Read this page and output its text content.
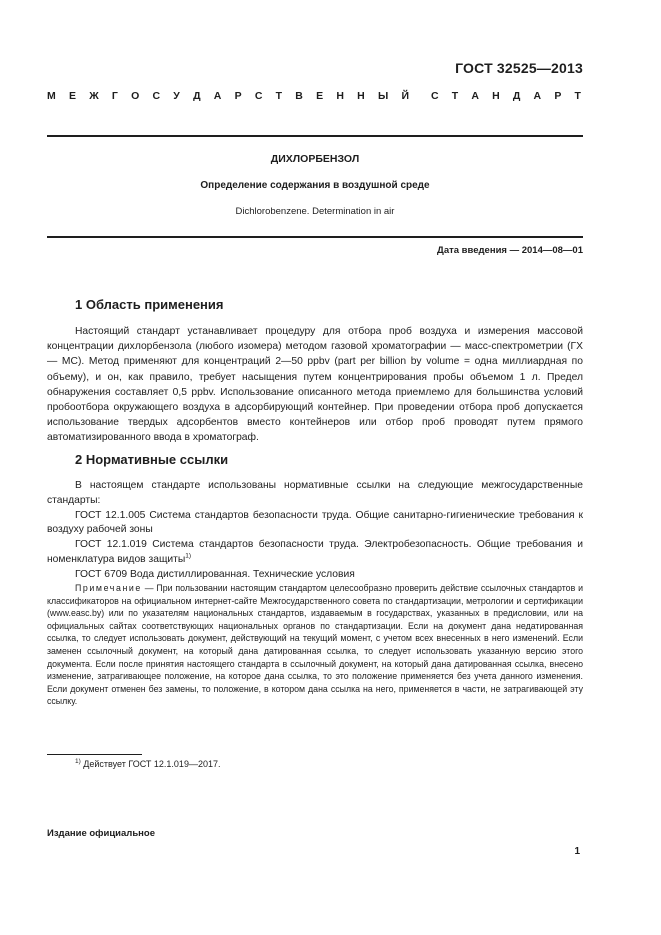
ГОСТ 32525—2013
М Е Ж Г О С У Д А Р С Т В Е Н Н Ы Й С Т А Н Д А Р Т
ДИХЛОРБЕНЗОЛ
Определение содержания в воздушной среде
Dichlorobenzene. Determination in air
Дата введения — 2014—08—01
1 Область применения

Настоящий стандарт устанавливает процедуру для отбора проб воздуха и измерения массовой концентрации дихлорбензола (любого изомера) методом газовой хроматографии — масс-спектрометрии (ГХ — МС). Метод применяют для концентраций 2—50 ppbv (part per billion by volume = одна миллиардная по объему), и он, как правило, требует насыщения путем концентрирования пробы объемом 1 л. Предел обнаружения составляет 0,5 ppbv. Использование описанного метода приемлемо для большинства условий пробоотбора окружающего воздуха в адсорбирующий контейнер. При проведении отбора проб допускается использование твердых адсорбентов вместо контейнеров или отбор проб проводят путем прямого автоматизированного ввода в хроматограф.

2 Нормативные ссылки

В настоящем стандарте использованы нормативные ссылки на следующие межгосударственные стандарты:

ГОСТ 12.1.005 Система стандартов безопасности труда. Общие санитарно-гигиенические требования к воздуху рабочей зоны

ГОСТ 12.1.019 Система стандартов безопасности труда. Электробезопасность. Общие требования и номенклатура видов защиты$^{1)}$

ГОСТ 6709 Вода дистиллированная. Технические условия

Примечание — При пользовании настоящим стандартом целесообразно проверить действие ссылочных стандартов и классификаторов на официальном интернет-сайте Межгосударственного совета по стандартизации, метрологии и сертификации (www.easc.by) или по указателям национальных стандартов, издаваемым в государствах, указанных в предисловии, или на официальных сайтах соответствующих национальных органов по стандартизации. Если на документ дана недатированная ссылка, то следует использовать документ, действующий на текущий момент, с учетом всех внесенных в него изменений. Если заменен ссылочный документ, на который дана датированная ссылка, то следует использовать указанную версию этого документа. Если после принятия настоящего стандарта в ссылочный документ, на который дана датированная ссылка, внесено изменение, затрагивающее положение, на которое дана ссылка, то это положение применяется без учета данного изменения. Если документ отменен без замены, то положение, в котором дана ссылка на него, применяется в части, не затрагивающей эту ссылку.

$^{1)}$ Действует ГОСТ 12.1.019—2017.
Издание официальное
1
